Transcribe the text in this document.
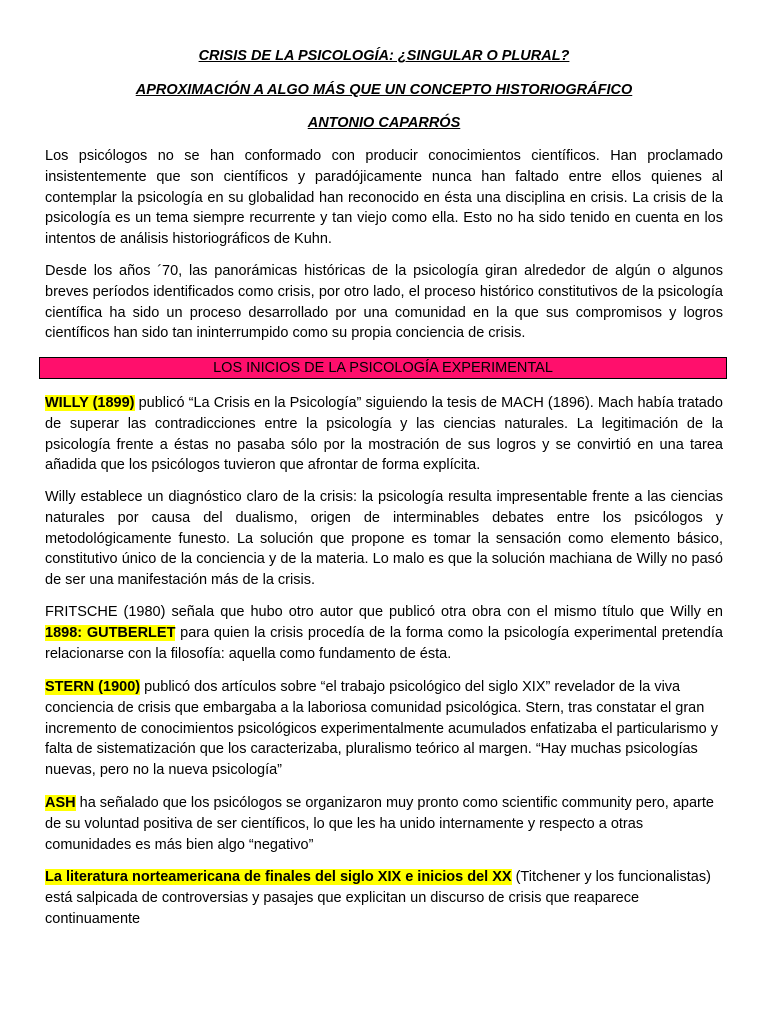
CRISIS DE LA PSICOLOGÍA: ¿SINGULAR O PLURAL?
APROXIMACIÓN A ALGO MÁS QUE UN CONCEPTO HISTORIOGRÁFICO
ANTONIO CAPARRÓS

Los psicólogos no se han conformado con producir conocimientos científicos. Han proclamado insistentemente que son científicos y paradójicamente nunca han faltado entre ellos quienes al contemplar la psicología en su globalidad han reconocido en ésta una disciplina en crisis. La crisis de la psicología es un tema siempre recurrente y tan viejo como ella. Esto no ha sido tenido en cuenta en los intentos de análisis historiográficos de Kuhn.

Desde los años ´70, las panorámicas históricas de la psicología giran alrededor de algún o algunos breves períodos identificados como crisis, por otro lado, el proceso histórico constitutivos de la psicología científica ha sido un proceso desarrollado por una comunidad en la que sus compromisos y logros científicos han sido tan ininterrumpido como su propia conciencia de crisis.

LOS INICIOS DE LA PSICOLOGÍA EXPERIMENTAL

WILLY (1899) publicó “La Crisis en la Psicología” siguiendo la tesis de MACH (1896). Mach había tratado de superar las contradicciones entre la psicología y las ciencias naturales. La legitimación de la psicología frente a éstas no pasaba sólo por la mostración de sus logros y se convirtió en una tarea añadida que los psicólogos tuvieron que afrontar de forma explícita.

Willy establece un diagnóstico claro de la crisis: la psicología resulta impresentable frente a las ciencias naturales por causa del dualismo, origen de interminables debates entre los psicólogos y metodológicamente funesto. La solución que propone es tomar la sensación como elemento básico, constitutivo único de la conciencia y de la materia. Lo malo es que la solución machiana de Willy no pasó de ser una manifestación más de la crisis.

FRITSCHE (1980) señala que hubo otro autor que publicó otra obra con el mismo título que Willy en 1898: GUTBERLET para quien la crisis procedía de la forma como la psicología experimental pretendía relacionarse con la filosofía: aquella como fundamento de ésta.

STERN (1900) publicó dos artículos sobre “el trabajo psicológico del siglo XIX” revelador de la viva conciencia de crisis que embargaba a la laboriosa comunidad psicológica. Stern, tras constatar el gran incremento de conocimientos psicológicos experimentalmente acumulados enfatizaba el particularismo y falta de sistematización que los caracterizaba, pluralismo teórico al margen. “Hay muchas psicologías nuevas, pero no la nueva psicología”

ASH ha señalado que los psicólogos se organizaron muy pronto como scientific community pero, aparte de su voluntad positiva de ser científicos, lo que les ha unido internamente y respecto a otras comunidades es más bien algo “negativo”

La literatura norteamericana de finales del siglo XIX e inicios del XX (Titchener y los funcionalistas) está salpicada de controversias y pasajes que explicitan un discurso de crisis que reaparece continuamente
